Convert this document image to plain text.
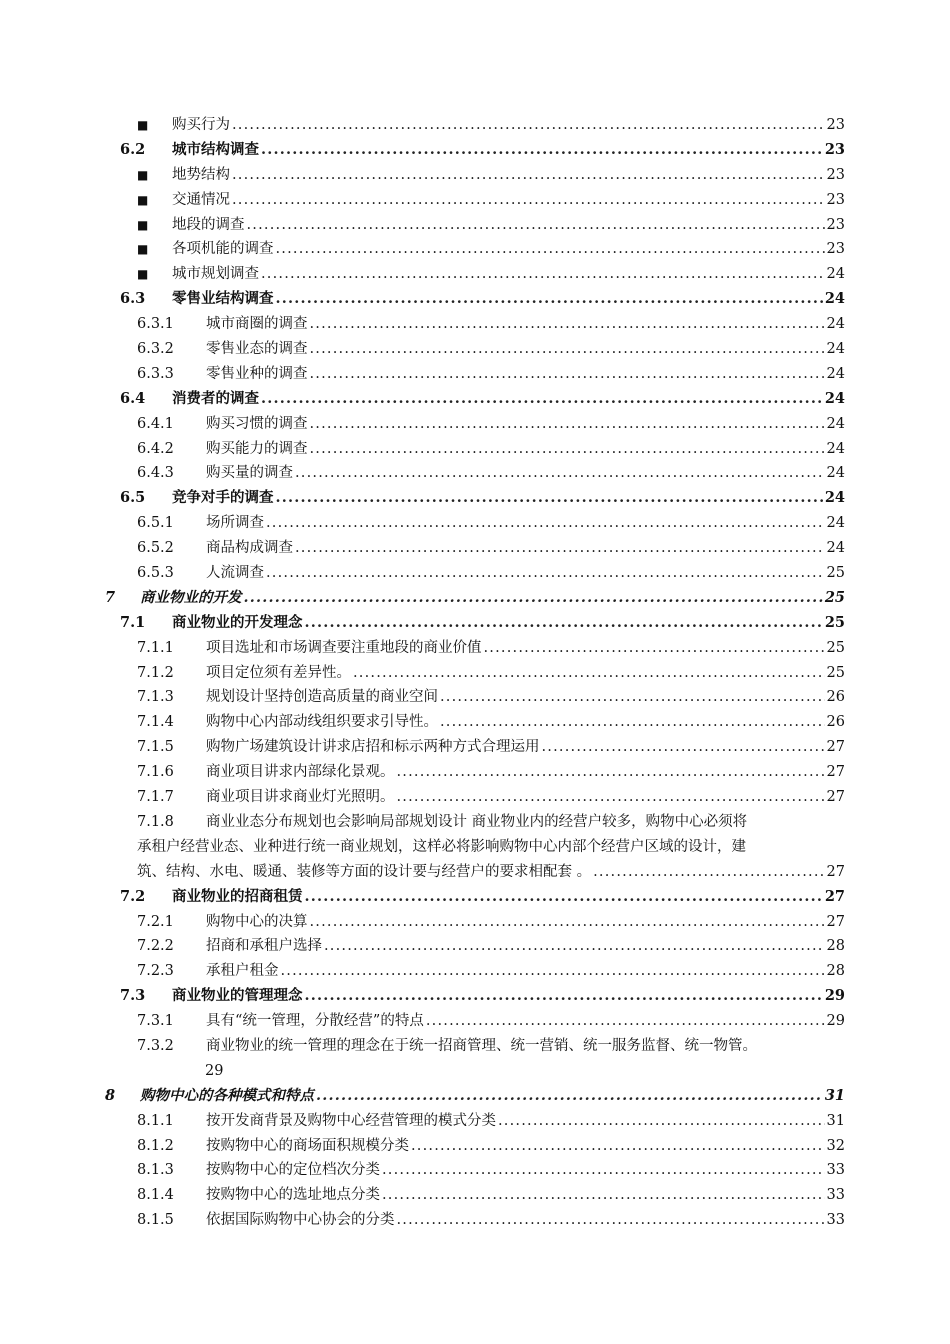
■	购买行为 .....	23
6.2	城市结构调查 .....	23
■	地势结构 .....	23
■	交通情况 .....	23
■	地段的调查 .....	23
■	各项机能的调查 .....	23
■	城市规划调查 .....	24
6.3	零售业结构调查 .....	24
6.3.1	城市商圈的调查 .....	24
6.3.2	零售业态的调查 .....	24
6.3.3	零售业种的调查 .....	24
6.4	消费者的调查 .....	24
6.4.1	购买习惯的调查 .....	24
6.4.2	购买能力的调查 .....	24
6.4.3	购买量的调查 .....	24
6.5	竞争对手的调查 .....	24
6.5.1	场所调查 .....	24
6.5.2	商品构成调查 .....	24
6.5.3	人流调查 .....	25
7	商业物业的开发 .....	25
7.1	商业物业的开发理念 .....	25
7.1.1	项目选址和市场调查要注重地段的商业价值 .....	25
7.1.2	项目定位须有差异性。 .....	25
7.1.3	规划设计坚持创造高质量的商业空间 .....	26
7.1.4	购物中心内部动线组织要求引导性。 .....	26
7.1.5	购物广场建筑设计讲求店招和标示两种方式合理运用 .....	27
7.1.6	商业项目讲求内部绿化景观。 .....	27
7.1.7	商业项目讲求商业灯光照明。 .....	27
7.1.8 商业业态分布规划也会影响局部规划设计 商业物业内的经营户较多，购物中心必须将
承租户经营业态、业种进行统一商业规划，这样必将影响购物中心内部个经营户区域的设计，建
筑、结构、水电、暖通、装修等方面的设计要与经营户的要求相配套 。 .....	27
7.2	商业物业的招商租赁 .....	27
7.2.1	购物中心的决算 .....	27
7.2.2	招商和承租户选择 .....	28
7.2.3	承租户租金 .....	28
7.3	商业物业的管理理念 .....	29
7.3.1	具有“统一管理，分散经营”的特点 .....	29
7.3.2 商业物业的统一管理的理念在于统一招商管理、统一营销、统一服务监督、统一物管。
29
8	购物中心的各种模式和特点 .....	31
8.1.1	按开发商背景及购物中心经营管理的模式分类 .....	31
8.1.2	按购物中心的商场面积规模分类 .....	32
8.1.3	按购物中心的定位档次分类 .....	33
8.1.4	按购物中心的选址地点分类 .....	33
8.1.5	依据国际购物中心协会的分类 .....	33
